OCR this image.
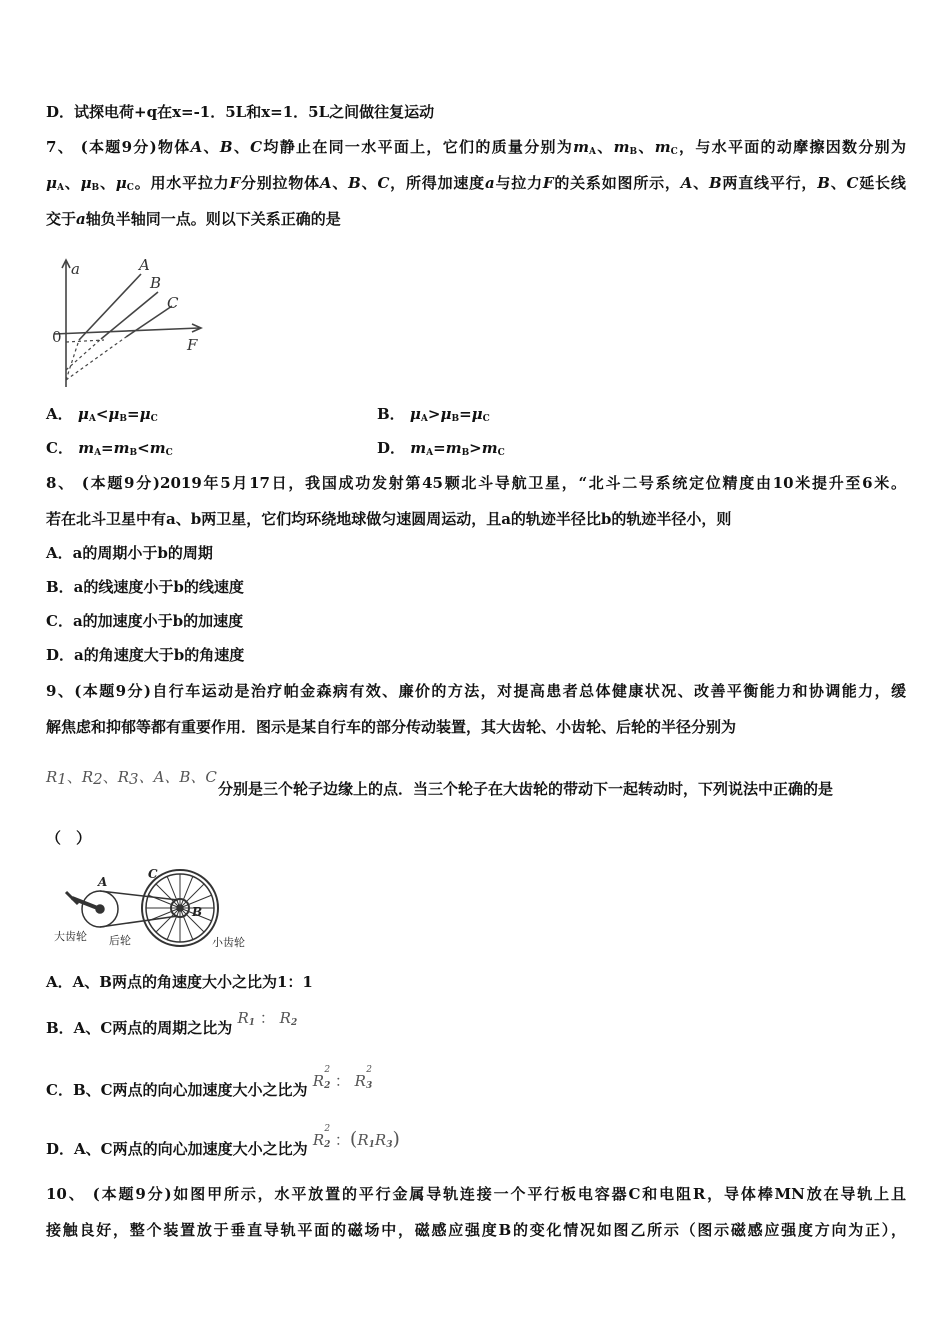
D．试探电荷+q在x=-1．5L和x=1．5L之间做往复运动
7、 (本题9分)物体A、B、C均静止在同一水平面上，它们的质量分别为$m_A$、$m_B$、$m_C$，与水平面的动摩擦因数分别为
$\mu_A$、$\mu_B$、$\mu_C$。用水平拉力F分别拉物体A、B、C，所得加速度a与拉力F的关系如图所示，A、B两直线平行，B、C延长线
交于a轴负半轴同一点。则以下关系正确的是
a
F
0
A
B
C
A． $\mu_A<\mu_B=\mu_C$	B． $\mu_A>\mu_B=\mu_C$
C． $m_A=m_B<m_C$	D． $m_A=m_B>m_C$
8、 (本题9分)2019年5月17日，我国成功发射第45颗北斗导航卫星，“北斗二号系统定位精度由10米提升至6米。
若在北斗卫星中有a、b两卫星，它们均环绕地球做匀速圆周运动，且a的轨迹半径比b的轨迹半径小，则
A．a的周期小于b的周期
B．a的线速度小于b的线速度
C．a的加速度小于b的加速度
D．a的角速度大于b的角速度
9、(本题9分)自行车运动是治疗帕金森病有效、廉价的方法，对提高患者总体健康状况、改善平衡能力和协调能力，缓
解焦虑和抑郁等都有重要作用．图示是某自行车的部分传动装置，其大齿轮、小齿轮、后轮的半径分别为
$R_1$、$R_2$、$R_3$、A、B、C
分别是三个轮子边缘上的点．当三个轮子在大齿轮的带动下一起转动时，下列说法中正确的是
（　）
A
C
B
大齿轮 后轮	小齿轮
A．A、B两点的角速度大小之比为1：1
B．A、C两点的周期之比为 $R_1$ ： $R_2$
C．B、C两点的向心加速度大小之比为 $R_2^2$ ： $R_3^2$
D．A、C两点的向心加速度大小之比为 $R_2^2$ ：$(R_1R_3)$
10、 (本题9分)如图甲所示，水平放置的平行金属导轨连接一个平行板电容器C和电阻R，导体棒MN放在导轨上且
接触良好，整个装置放于垂直导轨平面的磁场中，磁感应强度B的变化情况如图乙所示（图示磁感应强度方向为正），
